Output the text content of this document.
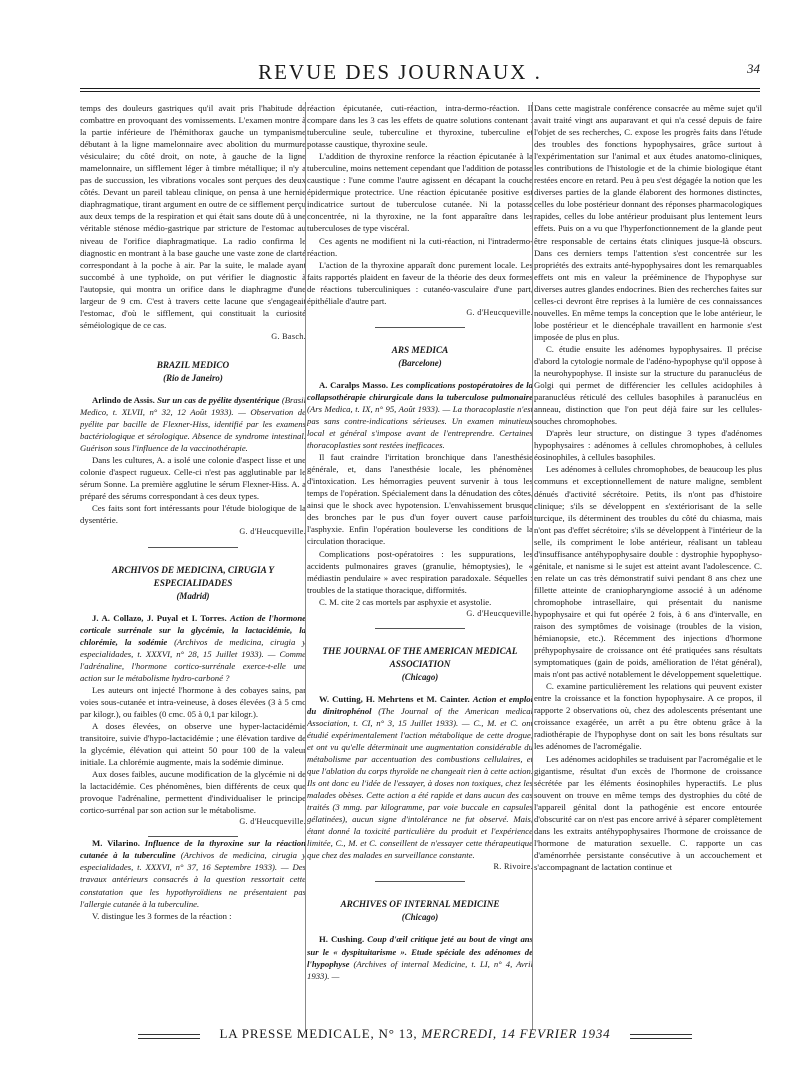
REVUE DES JOURNAUX .	34

temps des douleurs gastriques qu'il avait pris l'habitude de combattre en provoquant des vomissements. L'examen montre à la partie inférieure de l'hémithorax gauche un tympanisme débutant à la ligne mamelonnaire avec abolition du murmure vésiculaire; du côté droit, on note, à gauche de la ligne mamelonnaire, un sifflement léger à timbre métallique; il n'y a pas de succussion, les vibrations vocales sont perçues des deux côtés. Devant un pareil tableau clinique, on pensa à une hernie diaphragmatique, tirant argument en outre de ce sifflement perçu aux deux temps de la respiration et qui était sans doute dû à une véritable sténose médio-gastrique par stricture de l'estomac au niveau de l'orifice diaphragmatique. La radio confirma le diagnostic en montrant à la base gauche une vaste zone de clarté correspondant à la poche à air. Par la suite, le malade ayant succombé à une typhoïde, on put vérifier le diagnostic à l'autopsie, qui montra un orifice dans le diaphragme d'une largeur de 9 cm. C'est à travers cette lacune que s'engageait l'estomac, d'où le sifflement, qui constituait la curiosité séméiologique de ce cas.

G. Basch.
BRAZIL MEDICO
(Rio de Janeiro)

Arlindo de Assis. Sur un cas de pyélite dysentérique (Brasil Medico, t. XLVII, n° 32, 12 Août 1933). — Observation de pyélite par bacille de Flexner-Hiss, identifié par les examens bactériologique et sérologique. Absence de syndrome intestinal. Guérison sous l'influence de la vaccinothérapie.

Dans les cultures, A. a isolé une colonie d'aspect lisse et une colonie d'aspect rugueux. Celle-ci n'est pas agglutinable par le sérum Sonne. La première agglutine le sérum Flexner-Hiss. A. a préparé des sérums correspondant à ces deux types.

Ces faits sont fort intéressants pour l'étude biologique de la dysentérie.

G. d'Heucqueville.
ARCHIVOS DE MEDICINA, CIRUGIA Y ESPECIALIDADES
(Madrid)

J. A. Collazo, J. Puyal et I. Torres. Action de l'hormone corticale surrénale sur la glycémie, la lactacidémie, la chlorémie, la sodémie (Archivos de medicina, cirugia y especialidades, t. XXXVI, n° 28, 15 Juillet 1933). — Comme l'adrénaline, l'hormone cortico-surrénale exerce-t-elle une action sur le métabolisme hydro-carboné ?

Les auteurs ont injecté l'hormone à des cobayes sains, par voies sous-cutanée et intra-veineuse, à doses élevées (3 à 5 cmc par kilogr.), ou faibles (0 cmc. 05 à 0,1 par kilogr.).

A doses élevées, on observe une hyper-lactacidémie transitoire, suivie d'hypo-lactacidémie ; une élévation tardive de la glycémie, élévation qui atteint 50 pour 100 de la valeur initiale. La chlorémie augmente, mais la sodémie diminue.

Aux doses faibles, aucune modification de la glycémie ni de la lactacidémie. Ces phénomènes, bien différents de ceux que provoque l'adrénaline, permettent d'individualiser le principe cortico-surrénal par son action sur le métabolisme.

G. d'Heucqueville.

M. Vilarino. Influence de la thyroxine sur la réaction cutanée à la tuberculine (Archivos de medicina, cirugia y especialidades, t. XXXVI, n° 37, 16 Septembre 1933). — Des travaux antérieurs consacrés à la question ressortait cette constatation que les hypothyroïdiens ne présentaient pas l'allergie cutanée à la tuberculine.

V. distingue les 3 formes de la réaction :

réaction épicutanée, cuti-réaction, intra-dermo-réaction. Il compare dans les 3 cas les effets de quatre solutions contenant : tuberculine seule, tuberculine et thyroxine, tuberculine et potasse caustique, thyroxine seule.

L'addition de thyroxine renforce la réaction épicutanée à la tuberculine, moins nettement cependant que l'addition de potasse caustique : l'une comme l'autre agissent en décapant la couche épidermique protectrice. Une réaction épicutanée positive est indicatrice surtout de tuberculose cutanée. Ni la potasse concentrée, ni la thyroxine, ne la font apparaître dans les tuberculoses de type viscéral.

Ces agents ne modifient ni la cuti-réaction, ni l'intradermo-réaction.

L'action de la thyroxine apparaît donc purement locale. Les faits rapportés plaident en faveur de la théorie des deux formes de réactions tuberculiniques : cutanéo-vasculaire d'une part, épithéliale d'autre part.

G. d'Heucqueville.
ARS MEDICA
(Barcelone)

A. Caralps Masso. Les complications postopératoires de la collapsothérapie chirurgicale dans la tuberculose pulmonaire (Ars Medica, t. IX, n° 95, Août 1933). — La thoracoplastie n'est pas sans contre-indications sérieuses. Un examen minutieux local et général s'impose avant de l'entreprendre. Certaines thoracoplasties sont restées inefficaces.

Il faut craindre l'irritation bronchique dans l'anesthésie générale, et, dans l'anesthésie locale, les phénomènes d'intoxication. Les hémorragies peuvent survenir à tous les temps de l'opération. Spécialement dans la dénudation des côtes, ainsi que le shock avec hypotension. L'envahissement brusque des bronches par le pus d'un foyer ouvert cause parfois l'asphyxie. Enfin l'opération bouleverse les conditions de la circulation thoracique.

Complications post-opératoires : les suppurations, les accidents pulmonaires graves (granulie, hémoptysies), le « médiastin pendulaire » avec respiration paradoxale. Séquelles : troubles de la statique thoracique, difformités.

C. M. cite 2 cas mortels par asphyxie et asystolie.

G. d'Heucqueville.
THE JOURNAL OF THE AMERICAN MEDICAL ASSOCIATION
(Chicago)

W. Cutting, H. Mehrtens et M. Cainter. Action et emploi du dinitrophénol (The Journal of the American medical Association, t. CI, n° 3, 15 Juillet 1933). — C., M. et C. ont étudié expérimentalement l'action métabolique de cette drogue, et ont vu qu'elle déterminait une augmentation considérable du métabolisme par accentuation des combustions cellulaires, et que l'ablation du corps thyroïde ne changeait rien à cette action. Ils ont donc eu l'idée de l'essayer, à doses non toxiques, chez les malades obèses. Cette action a été rapide et dans aucun des cas traités (3 mmg. par kilogramme, par voie buccale en capsules gélatinées), aucun signe d'intolérance ne fut observé. Mais, étant donné la toxicité particulière du produit et l'expérience limitée, C., M. et C. conseillent de n'essayer cette thérapeutique que chez des malades en surveillance constante.

R. Rivoire.
ARCHIVES OF INTERNAL MEDICINE
(Chicago)

H. Cushing. Coup d'œil critique jeté au bout de vingt ans sur le « dyspituitarisme ». Etude spéciale des adénomes de l'hypophyse (Archives of internal Medicine, t. LI, n° 4, Avril 1933). —

Dans cette magistrale conférence consacrée au même sujet qu'il avait traité vingt ans auparavant et qui n'a cessé depuis de faire l'objet de ses recherches, C. expose les progrès faits dans l'étude des troubles des fonctions hypophysaires, grâce surtout à l'expérimentation sur l'animal et aux études anatomo-cliniques, les contributions de l'histologie et de la chimie biologique étant restées encore en retard. Peu à peu s'est dégagée la notion que les diverses parties de la glande élaborent des hormones distinctes, celles du lobe postérieur donnant des réponses pharmacologiques rapides, celles du lobe antérieur produisant plus lentement leurs effets. Puis on a vu que l'hyperfonctionnement de la glande peut être responsable de certains états cliniques jusque-là obscurs. Dans ces derniers temps l'attention s'est concentrée sur les propriétés des extraits anté-hypophysaires dont les remarquables effets ont mis en valeur la prééminence de l'hypophyse sur diverses autres glandes endocrines. Bien des recherches faites sur celles-ci devront être reprises à la lumière de ces connaissances nouvelles. En même temps la conception que le lobe antérieur, le lobe postérieur et le diencéphale travaillent en harmonie s'est imposée de plus en plus.

C. étudie ensuite les adénomes hypophysaires. Il précise d'abord la cytologie normale de l'adéno-hypophyse qu'il oppose à la neurohypophyse. Il insiste sur la structure du paranucléus de Golgi qui permet de différencier les cellules acidophiles à paranucléus réticulé des cellules basophiles à paranucléus en anneau, distinction que l'on peut déjà faire sur les cellules-souches chromophobes.

D'après leur structure, on distingue 3 types d'adénomes hypophysaires : adénomes à cellules chromophobes, à cellules éosinophiles, à cellules basophiles.

Les adénomes à cellules chromophobes, de beaucoup les plus communs et exceptionnellement de nature maligne, semblent dénués d'activité sécrétoire. Petits, ils n'ont pas d'histoire clinique; s'ils se développent en s'extériorisant de la selle turcique, ils déterminent des troubles du côté du chiasma, mais n'ont pas d'effet sécrétoire; s'ils se développent à l'intérieur de la selle, ils compriment le lobe antérieur, réalisant un tableau d'insuffisance antéhypophysaire double : dystrophie hypophyso-génitale, et nanisme si le sujet est atteint avant l'adolescence. C. en relate un cas très démonstratif suivi pendant 8 ans chez une fillette atteinte de craniopharyngiome associé à un adénome chromophobe intrasellaire, qui présentait du nanisme hypophysaire et qui fut opérée 2 fois, à 6 ans d'intervalle, en raison des symptômes de voisinage (troubles de la vision, hémianopsie, etc.). Récemment des injections d'hormone préhypophysaire de croissance ont été pratiquées sans résultats symptomatiques (gain de poids, amélioration de l'état général), mais n'ont pas activé notablement le développement squelettique.

C. examine particulièrement les relations qui peuvent exister entre la croissance et la fonction hypophysaire. A ce propos, il rapporte 2 observations où, chez des adolescents présentant une croissance exagérée, un arrêt a pu être obtenu grâce à la radiothérapie de l'hypophyse dont on sait les bons résultats sur les adénomes de l'acromégalie.

Les adénomes acidophiles se traduisent par l'acromégalie et le gigantisme, résultat d'un excès de l'hormone de croissance sécrétée par les éléments éosinophiles hyperactifs. Le plus souvent on trouve en même temps des dystrophies du côté de l'appareil génital dont la pathogénie est encore entourée d'obscurité car on n'est pas encore arrivé à séparer complètement dans les extraits antéhypophysaires l'hormone de croissance de l'hormone de maturation sexuelle. C. rapporte un cas d'aménorrhée persistante consécutive à un accouchement et s'accompagnant de lactation continue et

LA PRESSE MEDICALE, N° 13, MERCREDI, 14 FEVRIER 1934
